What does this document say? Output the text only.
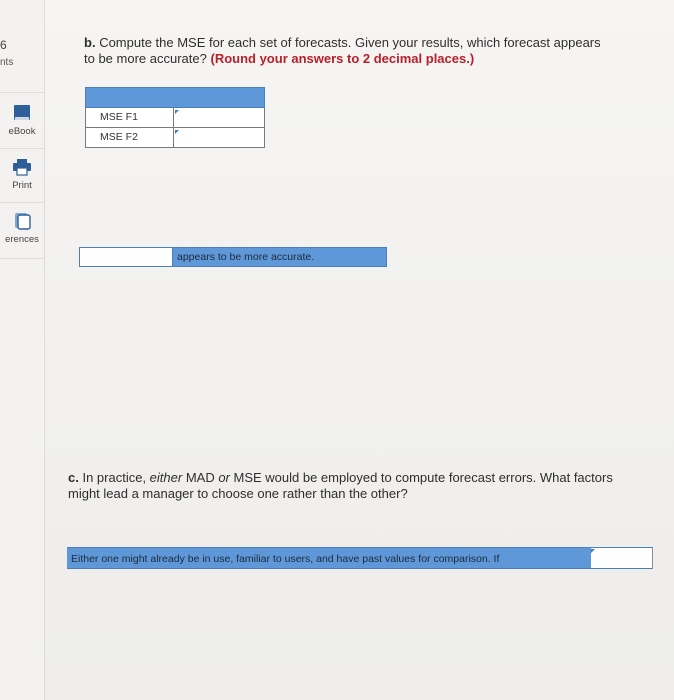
6
nts
eBook
Print
erences
b. Compute the MSE for each set of forecasts. Given your results, which forecast appears to be more accurate? (Round your answers to 2 decimal places.)
MSE F1
MSE F2
appears to be more accurate.
c. In practice, either MAD or MSE would be employed to compute forecast errors. What factors might lead a manager to choose one rather than the other?
Either one might already be in use, familiar to users, and have past values for comparison. If
